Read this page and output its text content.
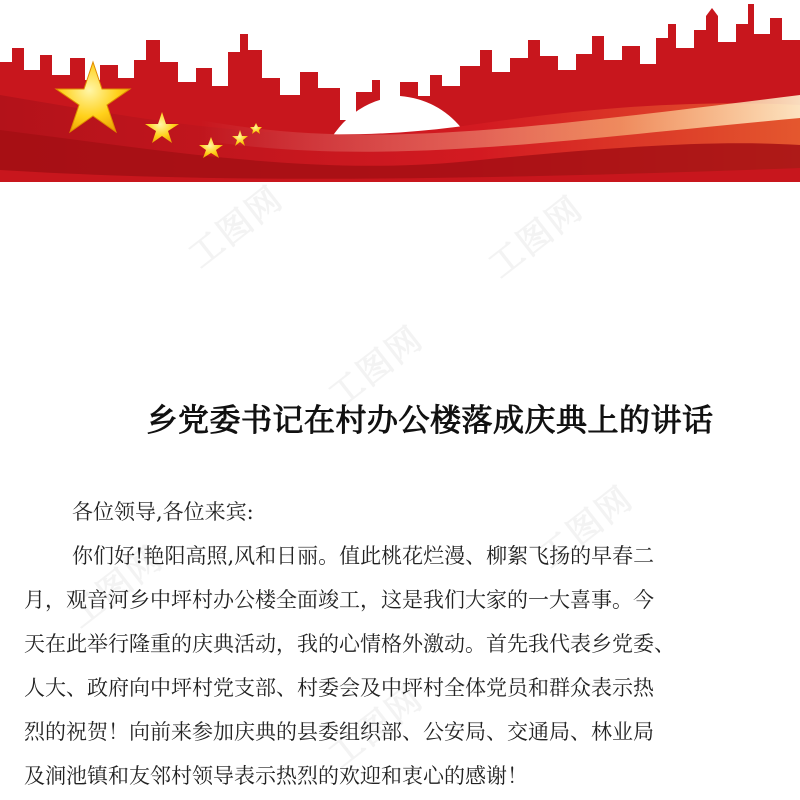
乡党委书记在村办公楼落成庆典上的讲话
各位领导,各位来宾:
你们好!艳阳高照,风和日丽。值此桃花烂漫、柳絮飞扬的早春二
月，观音河乡中坪村办公楼全面竣工，这是我们大家的一大喜事。今
天在此举行隆重的庆典活动，我的心情格外激动。首先我代表乡党委、
人大、政府向中坪村党支部、村委会及中坪村全体党员和群众表示热
烈的祝贺！向前来参加庆典的县委组织部、公安局、交通局、林业局
及涧池镇和友邻村领导表示热烈的欢迎和衷心的感谢！
